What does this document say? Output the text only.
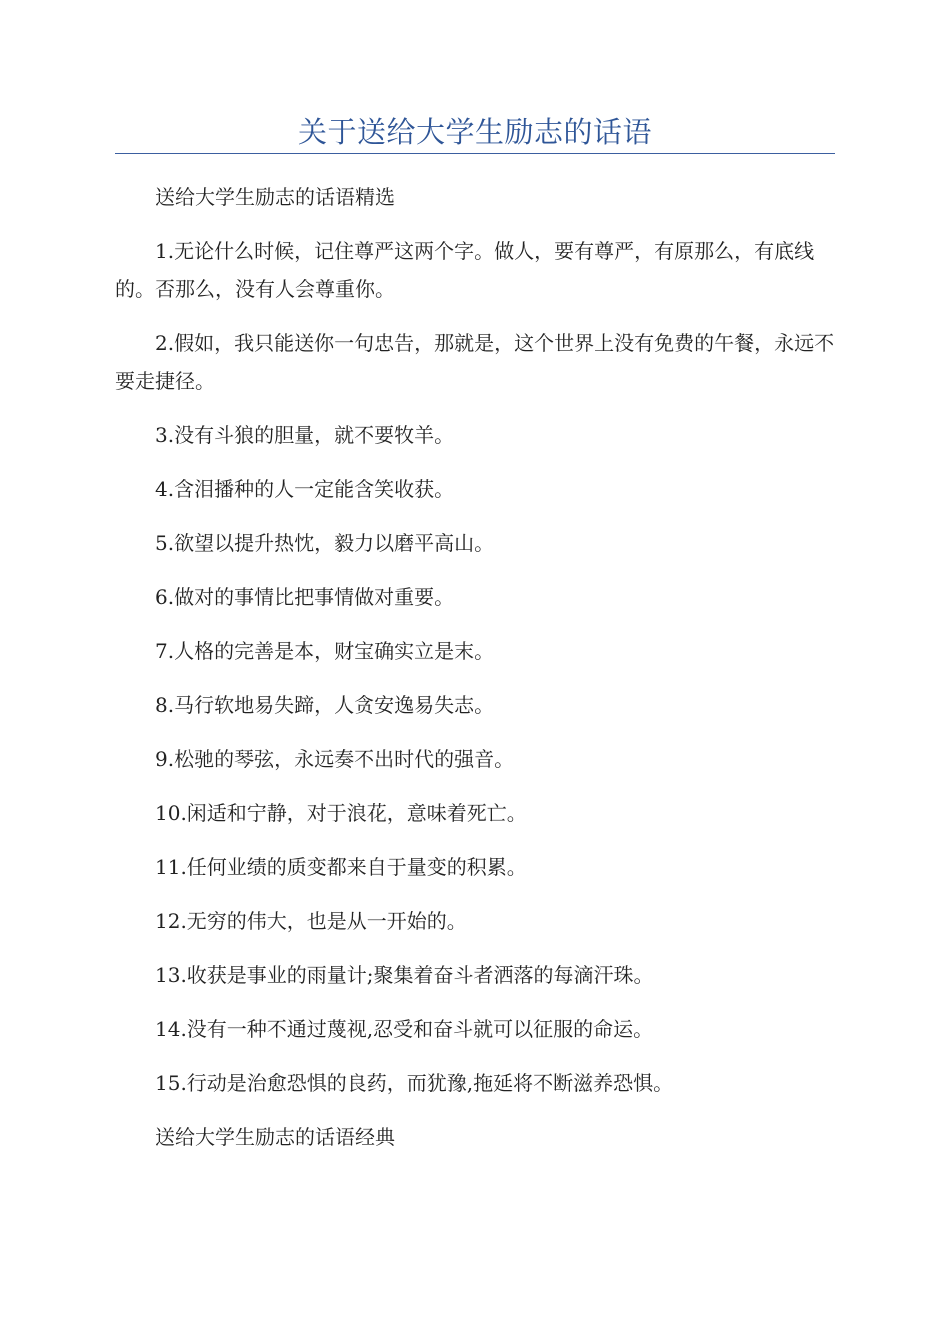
关于送给大学生励志的话语

送给大学生励志的话语精选

1.无论什么时候，记住尊严这两个字。做人，要有尊严，有原那么，有底线的。否那么，没有人会尊重你。

2.假如，我只能送你一句忠告，那就是，这个世界上没有免费的午餐，永远不要走捷径。

3.没有斗狼的胆量，就不要牧羊。

4.含泪播种的人一定能含笑收获。

5.欲望以提升热忱，毅力以磨平高山。

6.做对的事情比把事情做对重要。

7.人格的完善是本，财宝确实立是末。

8.马行软地易失蹄，人贪安逸易失志。

9.松驰的琴弦，永远奏不出时代的强音。

10.闲适和宁静，对于浪花，意味着死亡。

11.任何业绩的质变都来自于量变的积累。

12.无穷的伟大，也是从一开始的。

13.收获是事业的雨量计;聚集着奋斗者洒落的每滴汗珠。

14.没有一种不通过蔑视,忍受和奋斗就可以征服的命运。

15.行动是治愈恐惧的良药，而犹豫,拖延将不断滋养恐惧。

送给大学生励志的话语经典
